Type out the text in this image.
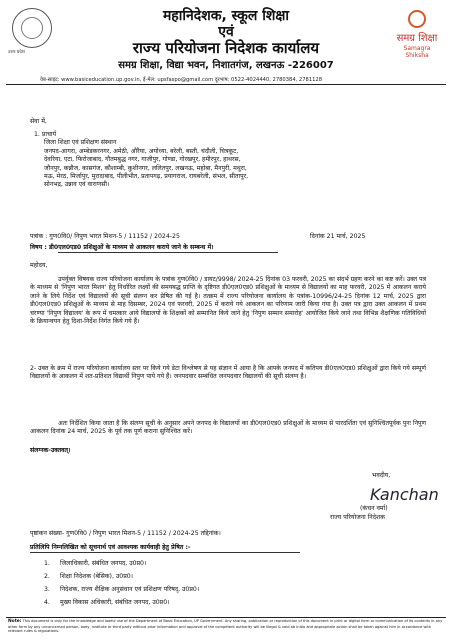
उत्तर प्रदेश
समग्र शिक्षा
Samagra Shiksha
महानिदेशक, स्कूल शिक्षा
एवं
राज्य परियोजना निदेशक कार्यालय
समग्र शिक्षा, विद्या भवन, निशातगंज, लखनऊ -226007
वेब-साइट: www.basiceducation.up.gov.in, ई-मेल: upsfaspo@gmail.com दूरभाष: 0522-4024440, 2780384, 2781128
सेवा में,
1. प्राचार्य
जिला शिक्षा एवं प्रशिक्षण संस्थान
जनपद-आगरा, अम्बेडकरनगर, अमेठी, औरैया, अयोध्या, बरेली, बस्ती, चंदौली, चित्रकूट,
देवरिया, एटा, फिरोजाबाद, गौतमबुद्ध नगर, गाजीपुर, गोण्डा, गोरखपुर, हमीरपुर, हाथरस,
जौनपुर, कन्नौज, कासगंज, कौशाम्बी, कुशीनगर, ललितपुर, लखनऊ, महोबा, मैनपुरी, मथुरा,
मऊ, मेरठ, मिर्जापुर, मुरादाबाद, पीलीभीत, प्रतापगढ़, प्रयागराज, रायबरेली, संभल, सीतापुर,
सोनभद्र, उन्नाव एवं वाराणसी।
पत्रांक : गुण0वि0/ निपुण भारत मिशन-5 / 11152 / 2024-25	दिनांक 21 मार्च, 2025
विषय : डी0एल0एड0 प्रशिक्षुओं के माध्यम से आकलन कराये जाने के सम्बन्ध में।
महोदय,
उपर्युक्त विषयक राज्य परियोजना कार्यालय के पत्रांक गुण0वि0 / डायट/9998/ 2024-25 दिनांक 03 फरवरी, 2025 का संदर्भ ग्रहण करने का कष्ट करें। उक्त पत्र के माध्यम से 'निपुण भारत मिशन' हेतु निर्धारित लक्ष्यों की समयबद्ध प्राप्ति के दृष्टिगत डी0एल0एड0 प्रशिक्षुओं के माध्यम से विद्यालयों का माह फरवरी, 2025 में आकलन कराये जाने के लिये निर्देश एवं विद्यालयों की सूची संलग्न कर प्रेषित की गई है। तत्क्रम में राज्य परियोजना कार्यालय के पत्रांक-10996/24-25 दिनांक 12 मार्च, 2025 द्वारा डी0एल0एड0 प्रशिक्षुओं के माध्यम से माह दिसम्बर, 2024 एवं फरवरी, 2025 में कराये गये आकलन का परिणाम जारी किया गया है। उक्त पत्र द्वारा उक्त आकलन में प्रथम चरण्‍या 'निपुण विद्यालय' के रूप में चमत्कार आये विद्यालयों के शिक्षकों को सम्मानित किये जाने हेतु 'निपुण सम्मान समारोह' आयोजित किये जाने तथा विभिन्न शैक्षणिक गतिविधियों के क्रियान्वयन हेतु दिशा-निर्देश निर्गत किये गये हैं।
2- उक्त के क्रम में राज्य परियोजना कार्यालय स्तर पर किये गये डेटा विश्लेषण से यह संज्ञान में आया है कि आपके जनपद में कतिपय डी0एल0एड0 प्रशिक्षुओं द्वारा किये गये सम्पूर्ण विद्यालयों के आकलन में शत-प्रतिशत विद्यार्थी निपुण पाये गये हैं। जनपदवार सम्बंधित जनपदवार विद्यालयों की सूची संलग्न है।
अतः निर्देशित किया जाता है कि संलग्न सूची के अनुसार अपने जनपद के विद्यालयों का डी0एल0एड0 प्रशिक्षुओं के माध्यम से पारदर्शिता एवं सुनिश्चितपूर्वक पुनः निपुण आकलन दिनांक 24 मार्च, 2025 के पूर्व तक पूर्ण कराना सुनिश्चित करें।
संलग्नक-उक्तवत्।
भवदीय,
Kanchan
(कंचन वर्मा)
राज्य परियोजना निदेशक
पृष्ठांकन संख्या- गुण0वि0 / निपुण भारत मिशन-5 / 11152 / 2024-25 तद्दिनांक।
प्रतिलिपि निम्नलिखित को सूचनार्थ एवं आवश्यक कार्यवाही हेतु प्रेषित :-
1. जिलाधिकारी, संबंधित जनपद, उ0प्र0।
2. शिक्षा निदेशक (बेसिक), उ0प्र0।
3. निदेशक, राज्य शैक्षिक अनुसंधान एवं प्रशिक्षण परिषद्, उ0प्र0।
4. मुख्य विकास अधिकारी, संबंधित जनपद, उ0प्र0।
Note: This document is only for the knowledge and lawful use of the Department of Basic Education, UP Government. Any sharing, publication or reproduction of this document in print or digital form or communication of its contents in any other form by any unconcerned person, body, institute or third party without prior information and approval of the competent authority will be illegal & void ab initio and appropriate action shall be taken against him in accordance with relevant rules & regulations.
